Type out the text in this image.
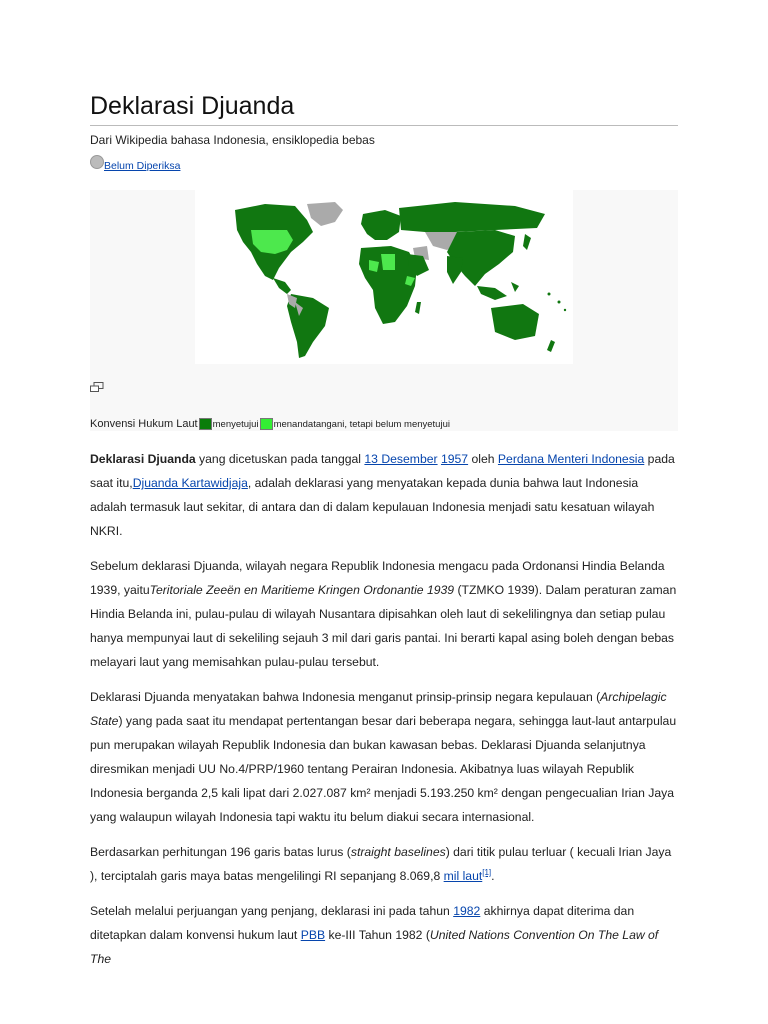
Deklarasi Djuanda
Dari Wikipedia bahasa Indonesia, ensiklopedia bebas
Belum Diperiksa
Konvensi Hukum Laut menyetujui menandatangani, tetapi belum menyetujui

Deklarasi Djuanda yang dicetuskan pada tanggal 13 Desember 1957 oleh Perdana Menteri Indonesia pada saat itu,Djuanda Kartawidjaja, adalah deklarasi yang menyatakan kepada dunia bahwa laut Indonesia adalah termasuk laut sekitar, di antara dan di dalam kepulauan Indonesia menjadi satu kesatuan wilayah NKRI.

Sebelum deklarasi Djuanda, wilayah negara Republik Indonesia mengacu pada Ordonansi Hindia Belanda 1939, yaituTeritoriale Zeeën en Maritieme Kringen Ordonantie 1939 (TZMKO 1939). Dalam peraturan zaman Hindia Belanda ini, pulau-pulau di wilayah Nusantara dipisahkan oleh laut di sekelilingnya dan setiap pulau hanya mempunyai laut di sekeliling sejauh 3 mil dari garis pantai. Ini berarti kapal asing boleh dengan bebas melayari laut yang memisahkan pulau-pulau tersebut.

Deklarasi Djuanda menyatakan bahwa Indonesia menganut prinsip-prinsip negara kepulauan (Archipelagic State) yang pada saat itu mendapat pertentangan besar dari beberapa negara, sehingga laut-laut antarpulau pun merupakan wilayah Republik Indonesia dan bukan kawasan bebas. Deklarasi Djuanda selanjutnya diresmikan menjadi UU No.4/PRP/1960 tentang Perairan Indonesia. Akibatnya luas wilayah Republik Indonesia berganda 2,5 kali lipat dari 2.027.087 km² menjadi 5.193.250 km² dengan pengecualian Irian Jaya yang walaupun wilayah Indonesia tapi waktu itu belum diakui secara internasional.

Berdasarkan perhitungan 196 garis batas lurus (straight baselines) dari titik pulau terluar ( kecuali Irian Jaya ), terciptalah garis maya batas mengelilingi RI sepanjang 8.069,8 mil laut[1].

Setelah melalui perjuangan yang penjang, deklarasi ini pada tahun 1982 akhirnya dapat diterima dan ditetapkan dalam konvensi hukum laut PBB ke-III Tahun 1982 (United Nations Convention On The Law of The
